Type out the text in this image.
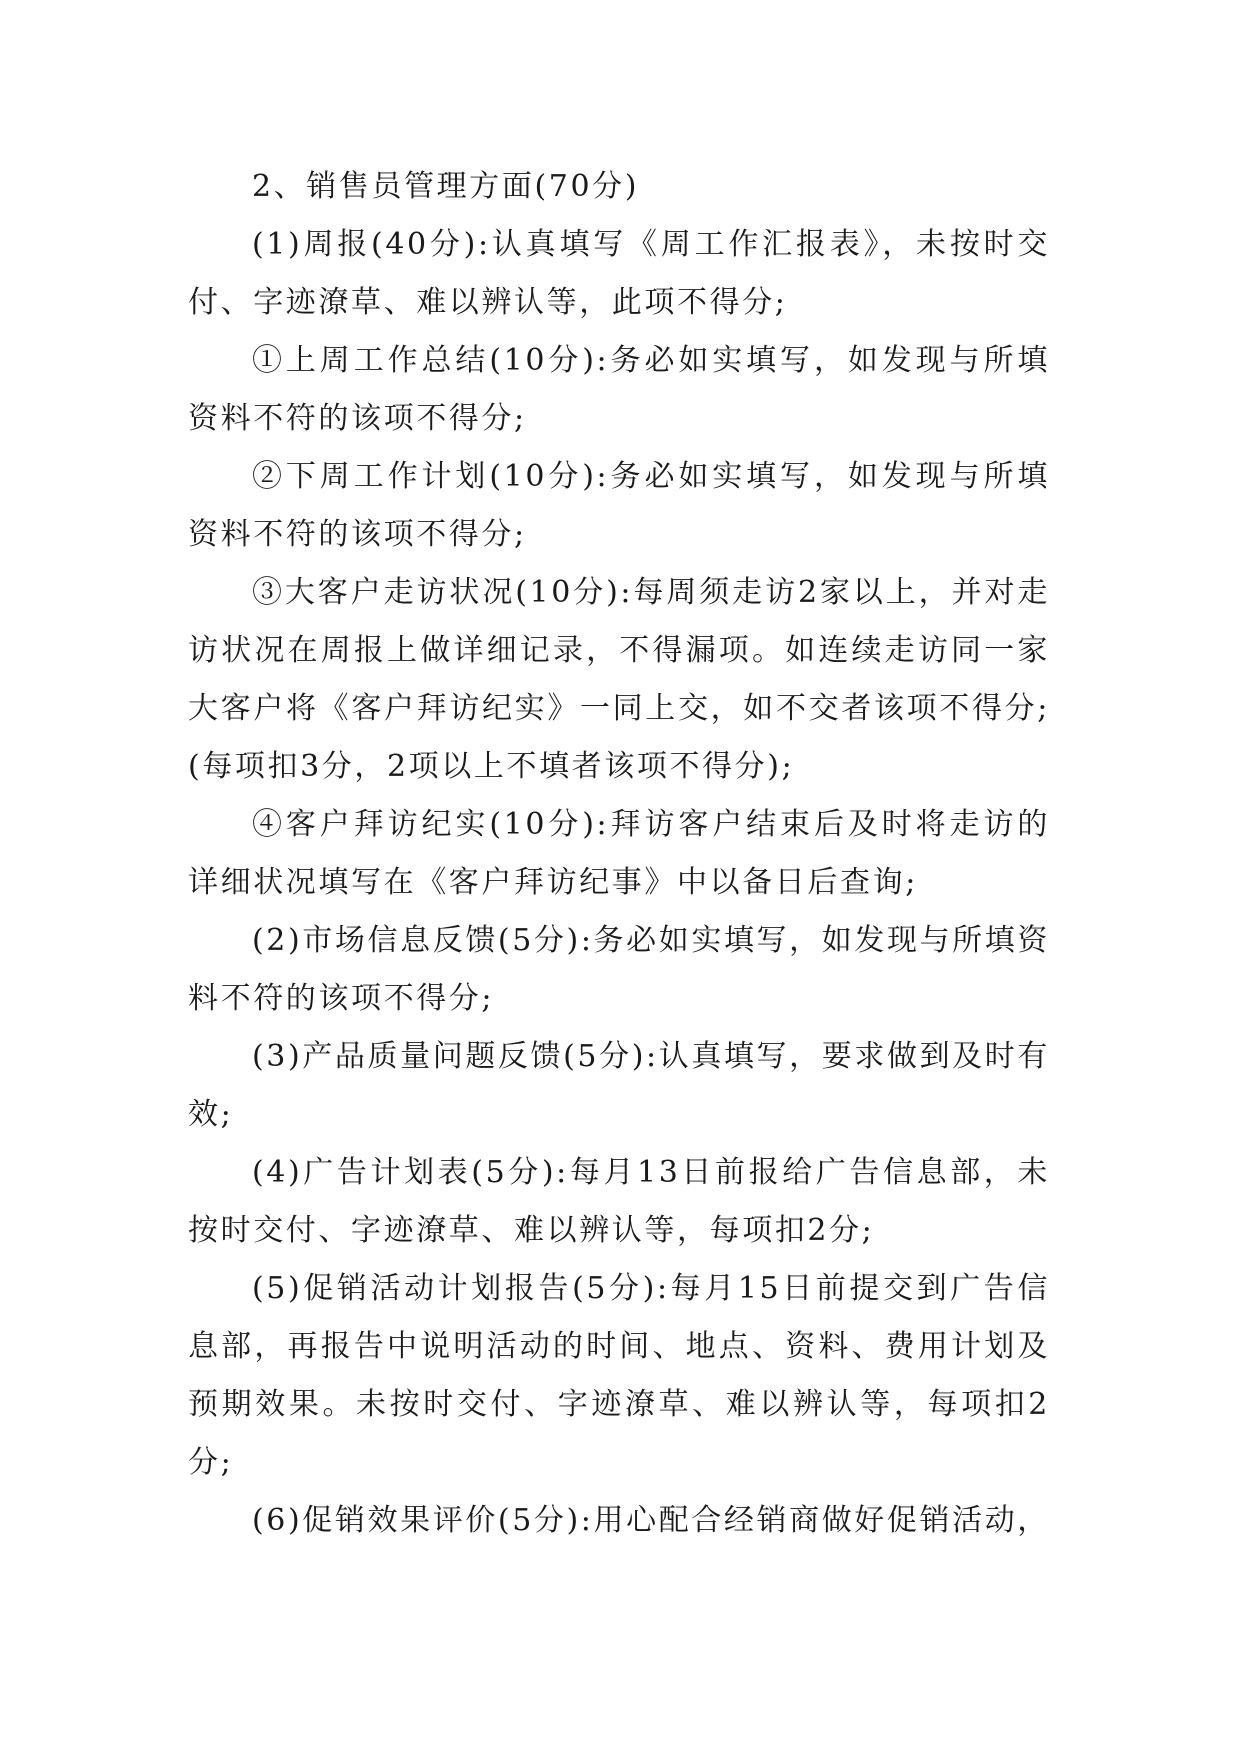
2、销售员管理方面(70分)

(1)周报(40分):认真填写《周工作汇报表》，未按时交付、字迹潦草、难以辨认等，此项不得分;

①上周工作总结(10分):务必如实填写，如发现与所填资料不符的该项不得分;

②下周工作计划(10分):务必如实填写，如发现与所填资料不符的该项不得分;

③大客户走访状况(10分):每周须走访2家以上，并对走访状况在周报上做详细记录，不得漏项。如连续走访同一家大客户将《客户拜访纪实》一同上交，如不交者该项不得分;(每项扣3分，2项以上不填者该项不得分);

④客户拜访纪实(10分):拜访客户结束后及时将走访的详细状况填写在《客户拜访纪事》中以备日后查询;

(2)市场信息反馈(5分):务必如实填写，如发现与所填资料不符的该项不得分;

(3)产品质量问题反馈(5分):认真填写，要求做到及时有效;

(4)广告计划表(5分):每月13日前报给广告信息部，未按时交付、字迹潦草、难以辨认等，每项扣2分;

(5)促销活动计划报告(5分):每月15日前提交到广告信息部，再报告中说明活动的时间、地点、资料、费用计划及预期效果。未按时交付、字迹潦草、难以辨认等，每项扣2分;

(6)促销效果评价(5分):用心配合经销商做好促销活动，
